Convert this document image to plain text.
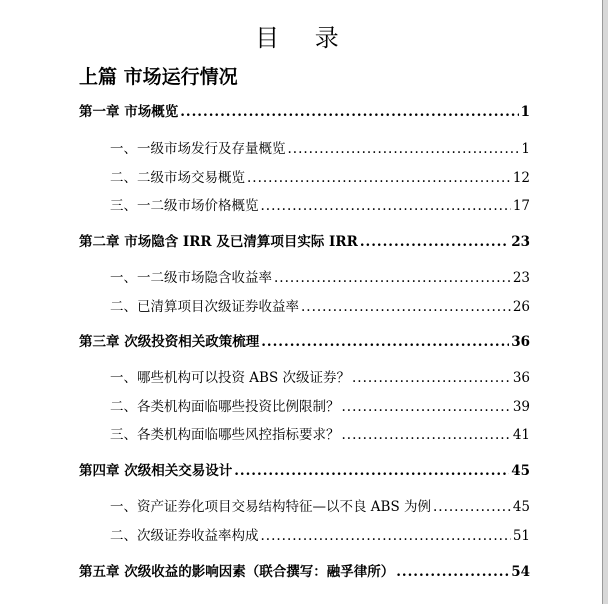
目 录
上篇 市场运行情况
第一章 市场概览 .....	1
一、一级市场发行及存量概览 .....	1
二、二级市场交易概览 .....	12
三、一二级市场价格概览 .....	17
第二章 市场隐含 IRR 及已清算项目实际 IRR .....	23
一、一二级市场隐含收益率 .....	23
二、已清算项目次级证券收益率 .....	26
第三章 次级投资相关政策梳理 .....	36
一、哪些机构可以投资 ABS 次级证券？ .....	36
二、各类机构面临哪些投资比例限制？ .....	39
三、各类机构面临哪些风控指标要求？ .....	41
第四章 次级相关交易设计 .....	45
一、资产证券化项目交易结构特征—以不良 ABS 为例 .....	45
二、次级证券收益率构成 .....	51
第五章 次级收益的影响因素（联合撰写：融孚律所） .....	54
